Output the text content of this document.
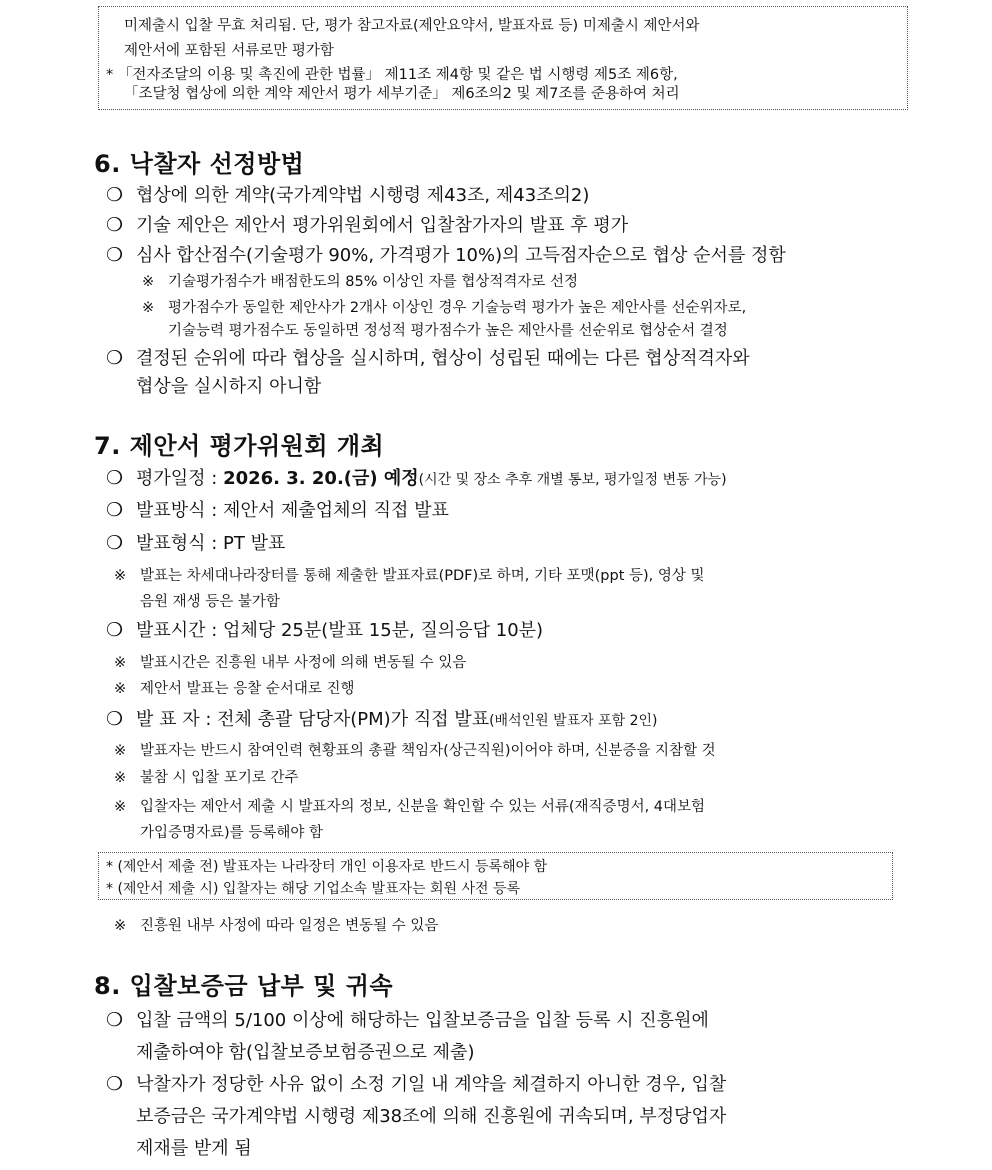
미제출시 입찰 무효 처리됨. 단, 평가 참고자료(제안요약서, 발표자료 등) 미제출시 제안서와
제안서에 포함된 서류로만 평가함
* 「전자조달의 이용 및 촉진에 관한 법률」 제11조 제4항 및 같은 법 시행령 제5조 제6항,
「조달청 협상에 의한 계약 제안서 평가 세부기준」 제6조의2 및 제7조를 준용하여 처리
6. 낙찰자 선정방법
❍ 협상에 의한 계약(국가계약법 시행령 제43조, 제43조의2)
❍ 기술 제안은 제안서 평가위원회에서 입찰참가자의 발표 후 평가
❍ 심사 합산점수(기술평가 90%, 가격평가 10%)의 고득점자순으로 협상 순서를 정함
※ 기술평가점수가 배점한도의 85% 이상인 자를 협상적격자로 선정
※ 평가점수가 동일한 제안사가 2개사 이상인 경우 기술능력 평가가 높은 제안사를 선순위자로,
기술능력 평가점수도 동일하면 정성적 평가점수가 높은 제안사를 선순위로 협상순서 결정
❍ 결정된 순위에 따라 협상을 실시하며, 협상이 성립된 때에는 다른 협상적격자와
협상을 실시하지 아니함
7. 제안서 평가위원회 개최
❍ 평가일정 : 2026. 3. 20.(금) 예정(시간 및 장소 추후 개별 통보, 평가일정 변동 가능)
❍ 발표방식 : 제안서 제출업체의 직접 발표
❍ 발표형식 : PT 발표
※ 발표는 차세대나라장터를 통해 제출한 발표자료(PDF)로 하며, 기타 포맷(ppt 등), 영상 및
음원 재생 등은 불가함
❍ 발표시간 : 업체당 25분(발표 15분, 질의응답 10분)
※ 발표시간은 진흥원 내부 사정에 의해 변동될 수 있음
※ 제안서 발표는 응찰 순서대로 진행
❍ 발 표 자 : 전체 총괄 담당자(PM)가 직접 발표(배석인원 발표자 포함 2인)
※ 발표자는 반드시 참여인력 현황표의 총괄 책임자(상근직원)이어야 하며, 신분증을 지참할 것
※ 불참 시 입찰 포기로 간주
※ 입찰자는 제안서 제출 시 발표자의 정보, 신분을 확인할 수 있는 서류(재직증명서, 4대보험
가입증명자료)를 등록해야 함
* (제안서 제출 전) 발표자는 나라장터 개인 이용자로 반드시 등록해야 함
* (제안서 제출 시) 입찰자는 해당 기업소속 발표자는 회원 사전 등록
※ 진흥원 내부 사정에 따라 일정은 변동될 수 있음
8. 입찰보증금 납부 및 귀속
❍ 입찰 금액의 5/100 이상에 해당하는 입찰보증금을 입찰 등록 시 진흥원에
제출하여야 함(입찰보증보험증권으로 제출)
❍ 낙찰자가 정당한 사유 없이 소정 기일 내 계약을 체결하지 아니한 경우, 입찰
보증금은 국가계약법 시행령 제38조에 의해 진흥원에 귀속되며, 부정당업자
제재를 받게 됨
